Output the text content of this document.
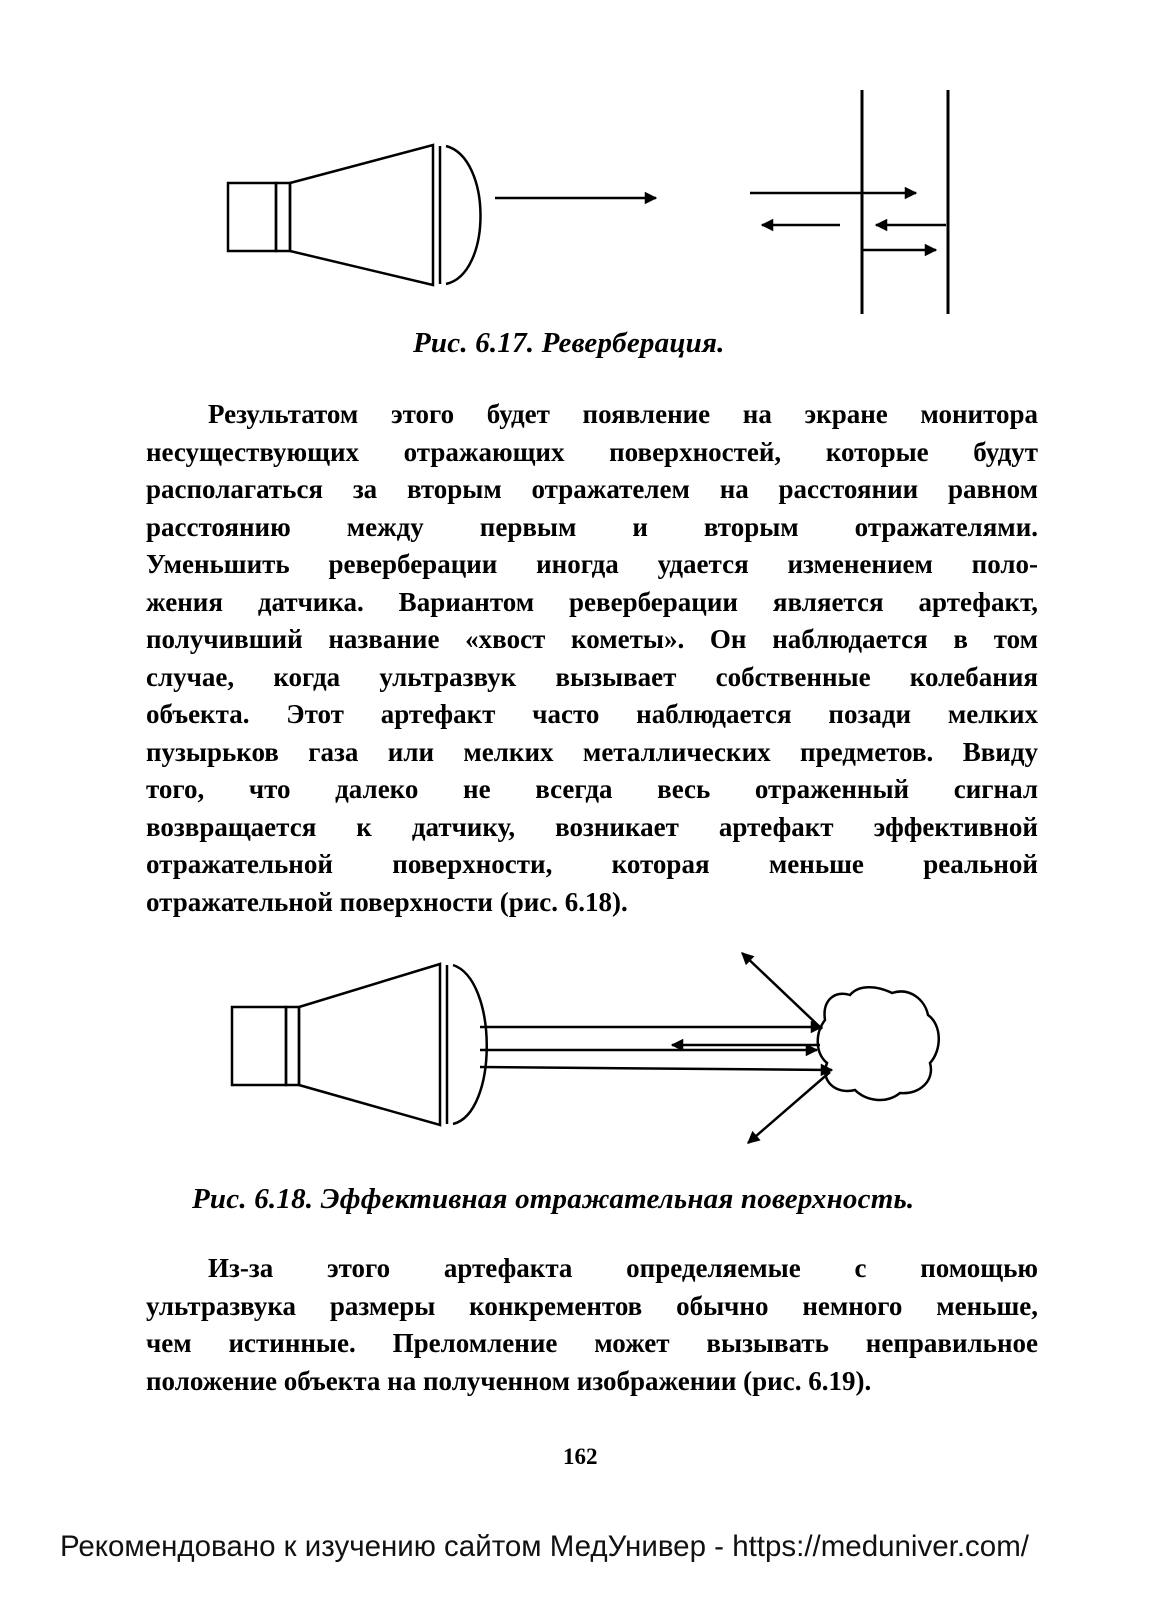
Рис. 6.17. Реверберация.
Результатом этого будет появление на экране монитора
несуществующих отражающих поверхностей, которые будут
располагаться за вторым отражателем на расстоянии равном
расстоянию между первым и вторым отражателями.
Уменьшить реверберации иногда удается изменением поло-
жения датчика. Вариантом реверберации является артефакт,
получивший название «хвост кометы». Он наблюдается в том
случае, когда ультразвук вызывает собственные колебания
объекта. Этот артефакт часто наблюдается позади мелких
пузырьков газа или мелких металлических предметов. Ввиду
того, что далеко не всегда весь отраженный сигнал
возвращается к датчику, возникает артефакт эффективной
отражательной поверхности, которая меньше реальной
отражательной поверхности (рис. 6.18).
Рис. 6.18. Эффективная отражательная поверхность.
Из-за этого артефакта определяемые с помощью
ультразвука размеры конкрементов обычно немного меньше,
чем истинные. Преломление может вызывать неправильное
положение объекта на полученном изображении (рис. 6.19).
162
Рекомендовано к изучению сайтом МедУнивер - https://meduniver.com/
